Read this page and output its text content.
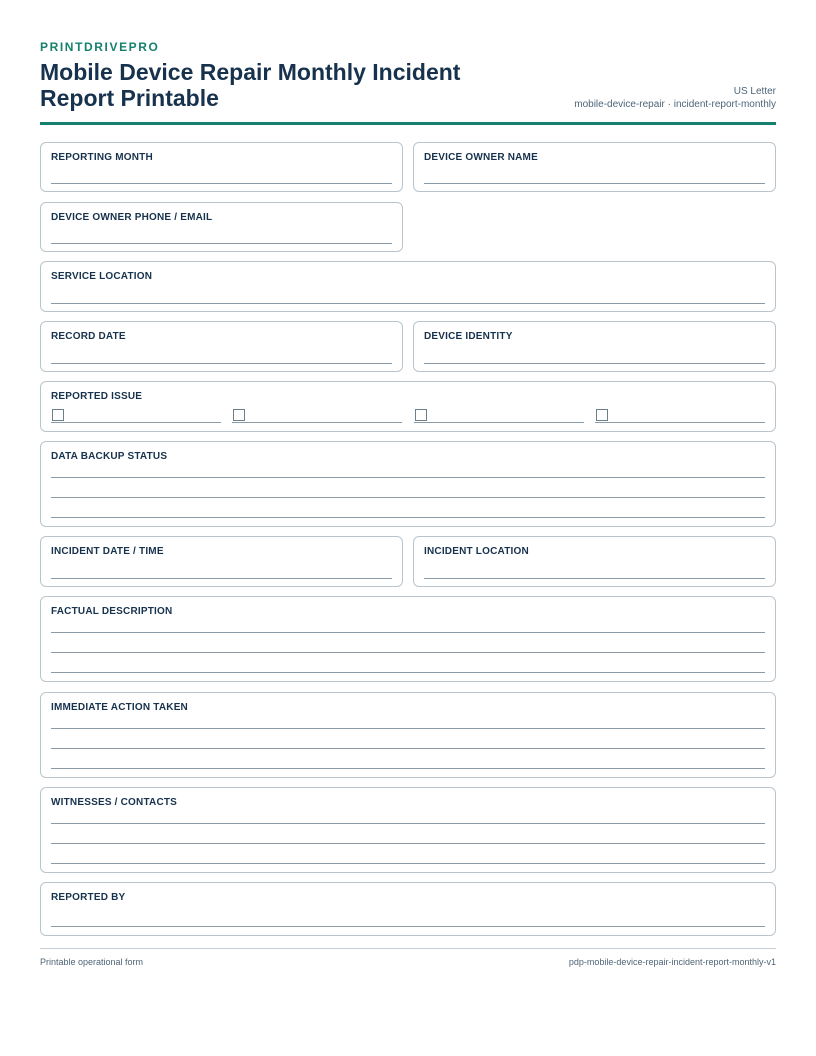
PRINTDRIVEPRO
Mobile Device Repair Monthly Incident Report Printable	US Letter
mobile-device-repair · incident-report-monthly
REPORTING MONTH	DEVICE OWNER NAME
DEVICE OWNER PHONE / EMAIL
SERVICE LOCATION
RECORD DATE	DEVICE IDENTITY
REPORTED ISSUE
DATA BACKUP STATUS
INCIDENT DATE / TIME	INCIDENT LOCATION
FACTUAL DESCRIPTION
IMMEDIATE ACTION TAKEN
WITNESSES / CONTACTS
REPORTED BY
Printable operational form	pdp-mobile-device-repair-incident-report-monthly-v1
